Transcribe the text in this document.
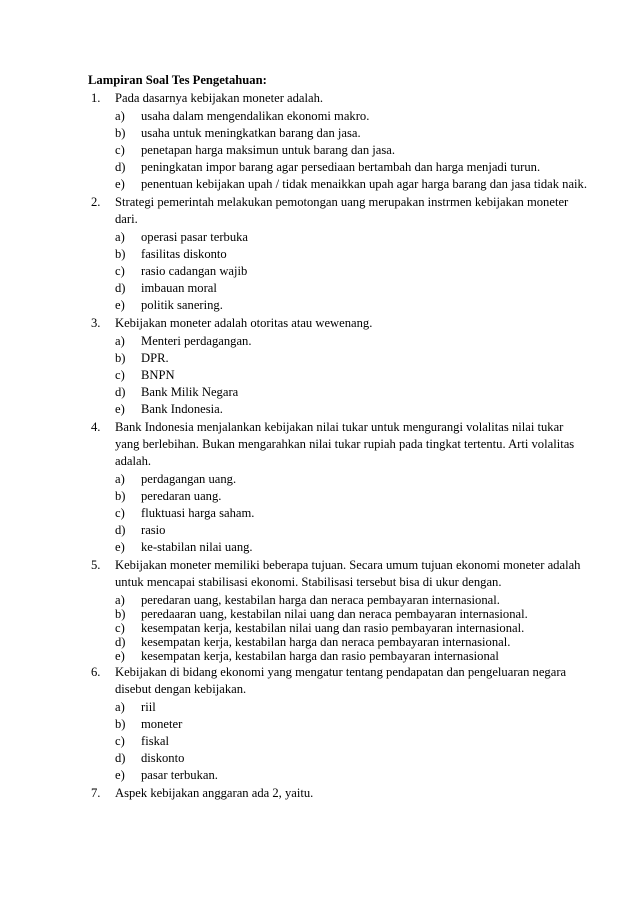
Lampiran Soal Tes Pengetahuan:
1. Pada dasarnya kebijakan moneter adalah.
a) usaha dalam mengendalikan ekonomi makro.
b) usaha untuk meningkatkan barang dan jasa.
c) penetapan harga maksimun untuk barang dan jasa.
d) peningkatan impor barang agar persediaan bertambah dan harga menjadi turun.
e) penentuan kebijakan upah / tidak menaikkan upah agar harga barang dan jasa tidak naik.
2. Strategi pemerintah melakukan pemotongan uang merupakan instrmen kebijakan moneter dari.
a) operasi pasar terbuka
b) fasilitas diskonto
c) rasio cadangan wajib
d) imbauan moral
e) politik sanering.
3. Kebijakan moneter adalah otoritas atau wewenang.
a) Menteri perdagangan.
b) DPR.
c) BNPN
d) Bank Milik Negara
e) Bank Indonesia.
4. Bank Indonesia menjalankan kebijakan nilai tukar untuk mengurangi volalitas nilai tukar yang berlebihan. Bukan mengarahkan nilai tukar rupiah pada tingkat tertentu. Arti volalitas adalah.
a) perdagangan uang.
b) peredaran uang.
c) fluktuasi harga saham.
d) rasio
e) ke-stabilan nilai uang.
5. Kebijakan moneter memiliki beberapa tujuan. Secara umum tujuan ekonomi moneter adalah untuk mencapai stabilisasi ekonomi. Stabilisasi tersebut bisa di ukur dengan.
a) peredaran uang, kestabilan harga dan neraca pembayaran internasional.
b) peredaaran uang, kestabilan nilai uang dan neraca pembayaran internasional.
c) kesempatan kerja, kestabilan nilai uang dan rasio pembayaran internasional.
d) kesempatan kerja, kestabilan harga dan neraca pembayaran internasional.
e) kesempatan kerja, kestabilan harga dan rasio pembayaran internasional
6. Kebijakan di bidang ekonomi yang mengatur tentang pendapatan dan pengeluaran negara disebut dengan kebijakan.
a) riil
b) moneter
c) fiskal
d) diskonto
e) pasar terbukan.
7. Aspek kebijakan anggaran ada 2, yaitu.
